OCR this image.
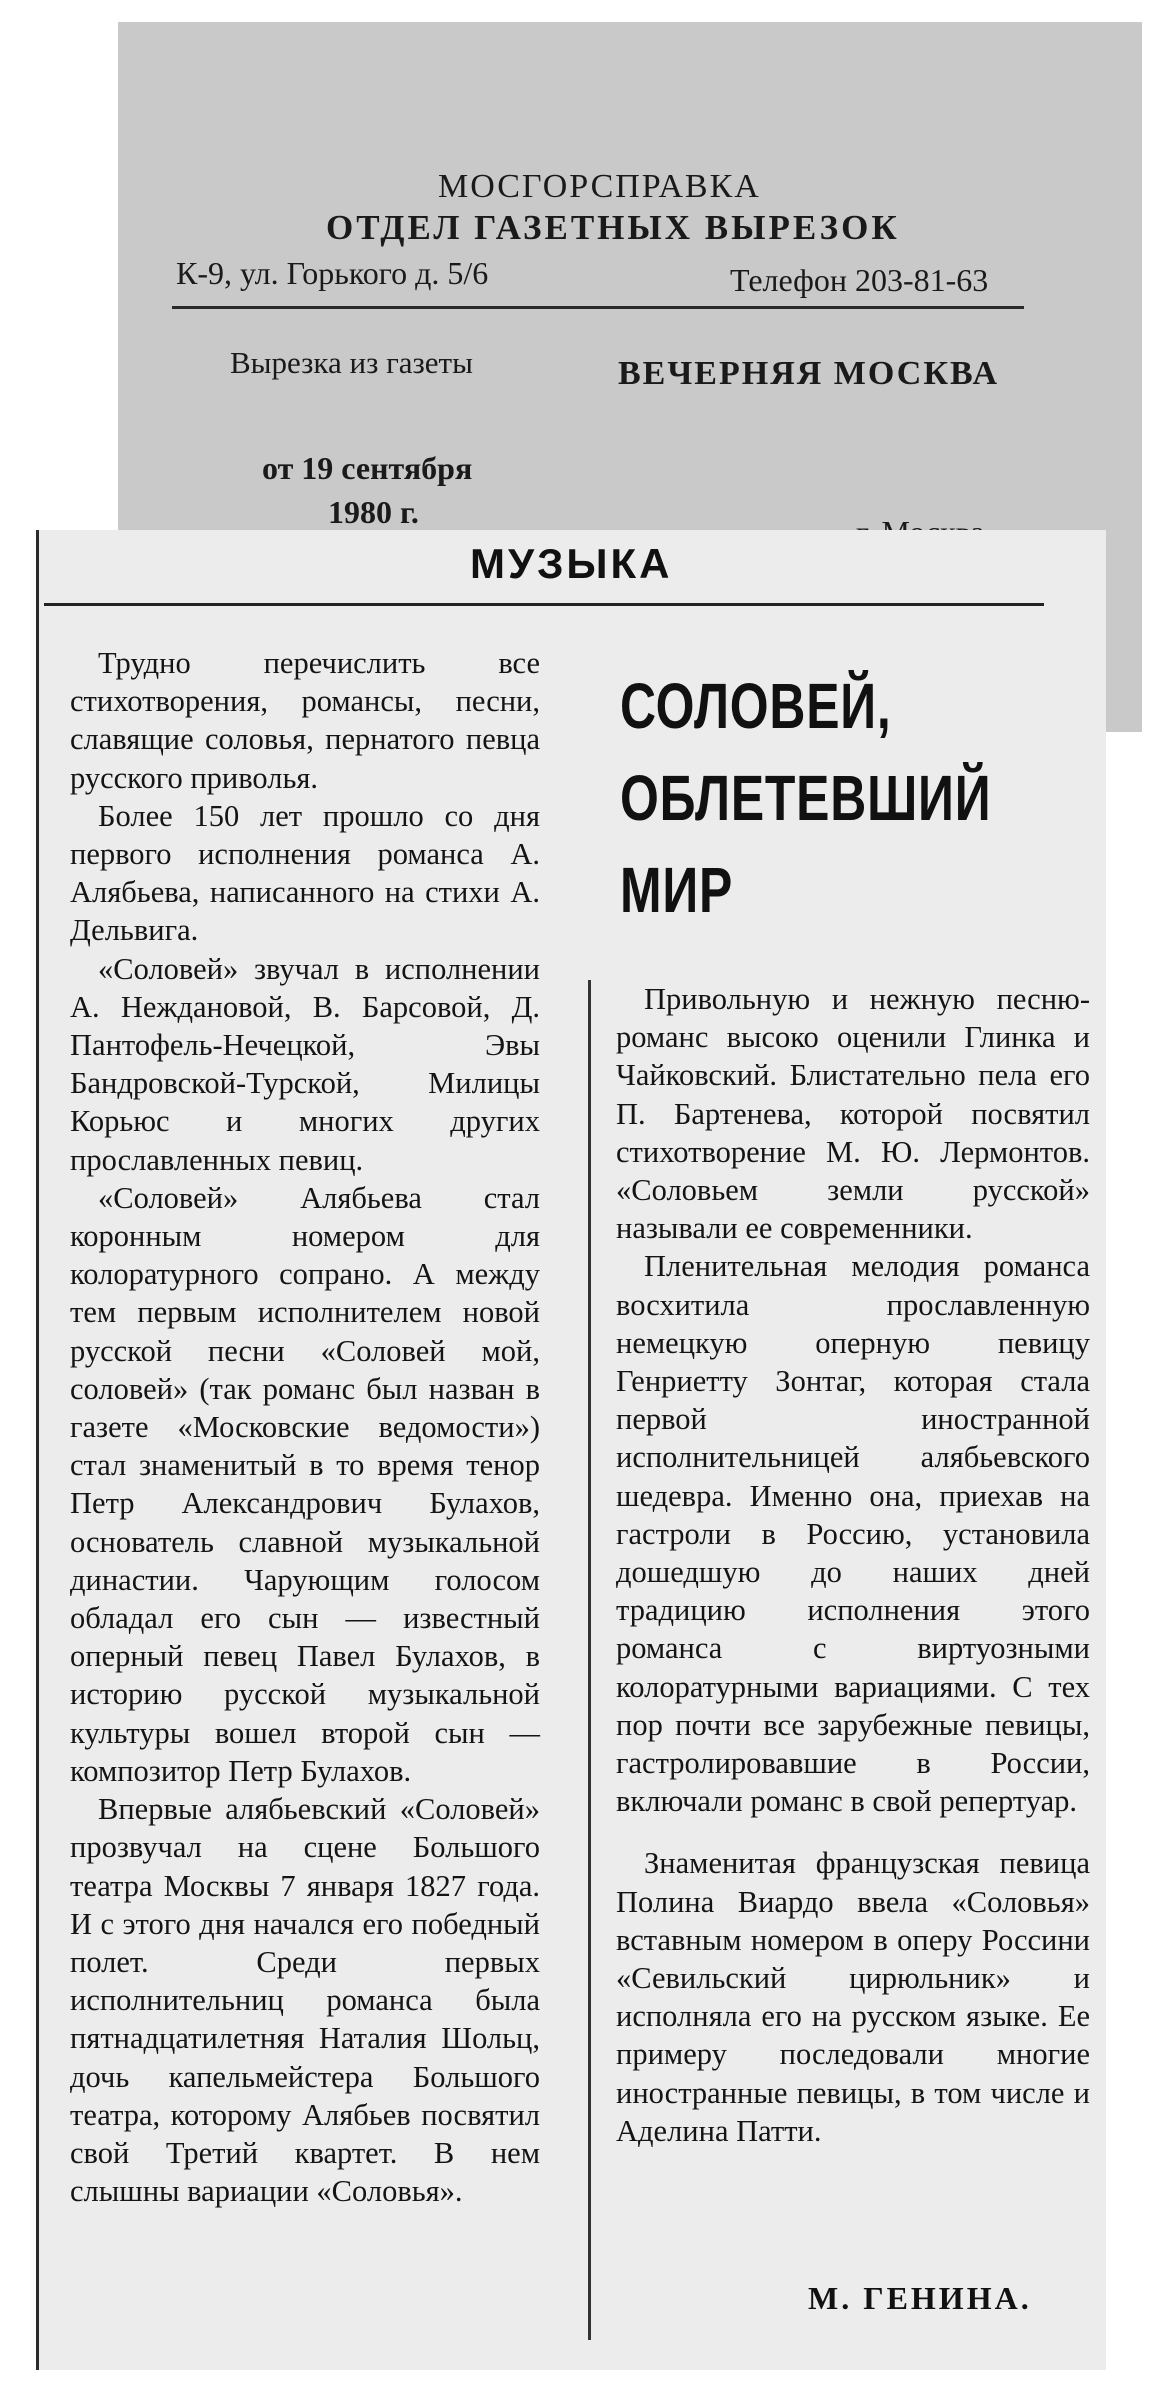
МОСГОРСПРАВКА
ОТДЕЛ ГАЗЕТНЫХ ВЫРЕЗОК
К-9, ул. Горького д. 5/6	Телефон 203-81-63
Вырезка из газеты	ВЕЧЕРНЯЯ МОСКВА
от 19 сентября
1980 г.
МУЗЫКА

Трудно перечислить все стихотворения, романсы, песни, славящие соловья, пернатого певца русского приволья.

Более 150 лет прошло со дня первого исполнения романса А. Алябьева, написанного на стихи А. Дельвига.

«Соловей» звучал в исполнении А. Неждановой, В. Барсовой, Д. Пантофель-Нечецкой, Эвы Бандровской-Турской, Милицы Корьюс и многих других прославленных певиц.

«Соловей» Алябьева стал коронным номером для колоратурного сопрано. А между тем первым исполнителем новой русской песни «Соловей мой, соловей» (так романс был назван в газете «Московские ведомости») стал знаменитый в то время тенор Петр Александрович Булахов, основатель славной музыкальной династии. Чарующим голосом обладал его сын — известный оперный певец Павел Булахов, в историю русской музыкальной культуры вошел второй сын — композитор Петр Булахов.

Впервые алябьевский «Соловей» прозвучал на сцене Большого театра Москвы 7 января 1827 года. И с этого дня начался его победный полет. Среди первых исполнительниц романса была пятнадцатилетняя Наталия Шольц, дочь капельмейстера Большого театра, которому Алябьев посвятил свой Третий квартет. В нем слышны вариации «Соловья».

СОЛОВЕЙ,
ОБЛЕТЕВШИЙ
МИР

Привольную и нежную песню-романс высоко оценили Глинка и Чайковский. Блистательно пела его П. Бартенева, которой посвятил стихотворение М. Ю. Лермонтов. «Соловьем земли русской» называли ее современники.

Пленительная мелодия романса восхитила прославленную немецкую оперную певицу Генриетту Зонтаг, которая стала первой иностранной исполнительницей алябьевского шедевра. Именно она, приехав на гастроли в Россию, установила дошедшую до наших дней традицию исполнения этого романса с виртуозными колоратурными вариациями. С тех пор почти все зарубежные певицы, гастролировавшие в России, включали романс в свой репертуар.

Знаменитая французская певица Полина Виардо ввела «Соловья» вставным номером в оперу Россини «Севильский цирюльник» и исполняла его на русском языке. Ее примеру последовали многие иностранные певицы, в том числе и Аделина Патти.

М. ГЕНИНА.
